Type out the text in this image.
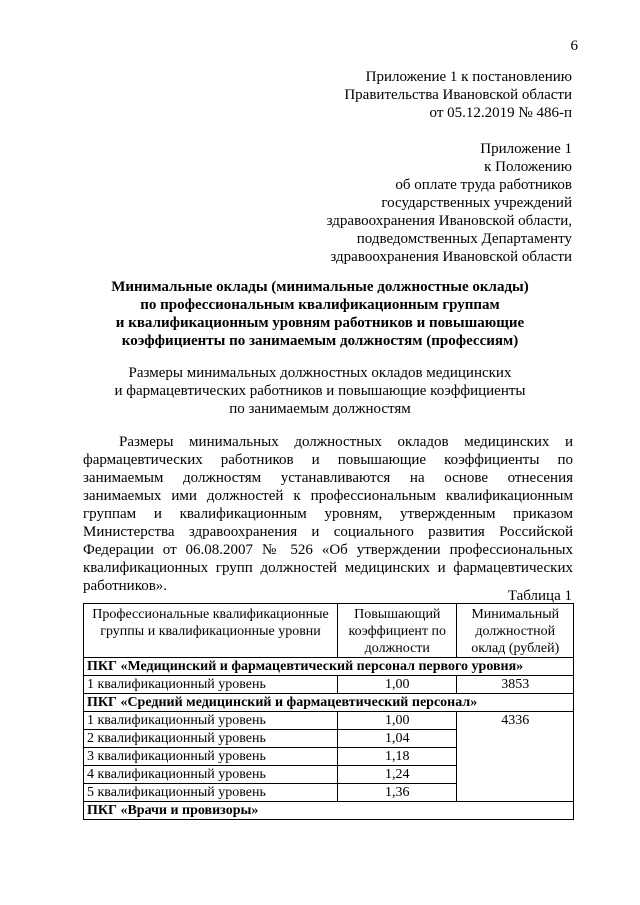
6
Приложение 1 к постановлению
Правительства Ивановской области
от 05.12.2019 № 486-п
Приложение 1
к Положению
об оплате труда работников
государственных учреждений
здравоохранения Ивановской области,
подведомственных Департаменту
здравоохранения Ивановской области
Минимальные оклады (минимальные должностные оклады)
по профессиональным квалификационным группам
и квалификационным уровням работников и повышающие
коэффициенты по занимаемым должностям (профессиям)
Размеры минимальных должностных окладов медицинских
и фармацевтических работников и повышающие коэффициенты
по занимаемым должностям
Размеры минимальных должностных окладов медицинских и
фармацевтических работников и повышающие коэффициенты по
занимаемым должностям устанавливаются на основе отнесения
занимаемых ими должностей к профессиональным квалификационным
группам и квалификационным уровням, утвержденным приказом
Министерства здравоохранения и социального развития Российской
Федерации от 06.08.2007 № 526 «Об утверждении профессиональных
квалификационных групп должностей медицинских и фармацевтических
работников».
Таблица 1
Профессиональные квалификационные группы и квалификационные уровни	Повышающий коэффициент по должности	Минимальный должностной оклад (рублей)
ПКГ «Медицинский и фармацевтический персонал первого уровня»		
1 квалификационный уровень	1,00	3853
ПКГ «Средний медицинский и фармацевтический персонал»		
1 квалификационный уровень	1,00	4336
2 квалификационный уровень	1,04	
3 квалификационный уровень	1,18	
4 квалификационный уровень	1,24	
5 квалификационный уровень	1,36	
ПКГ «Врачи и провизоры»		
